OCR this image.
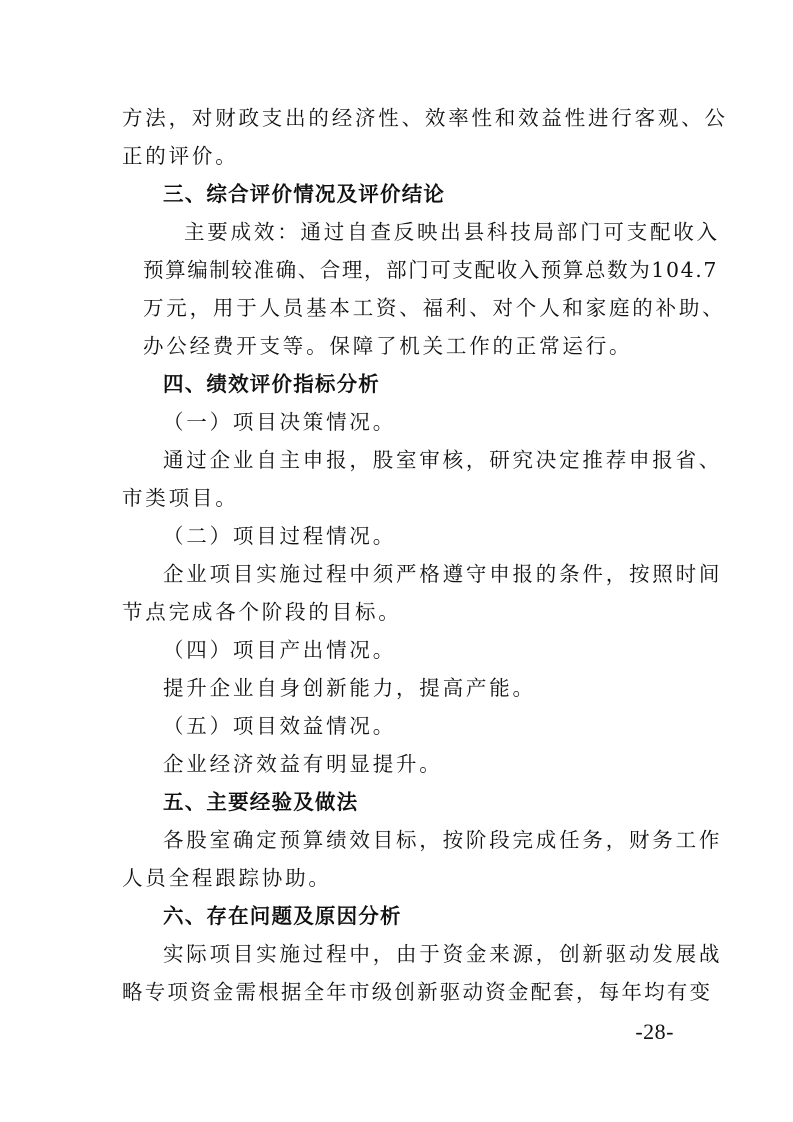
方法，对财政支出的经济性、效率性和效益性进行客观、公
正的评价。
三、综合评价情况及评价结论
主要成效：通过自查反映出县科技局部门可支配收入
预算编制较准确、合理，部门可支配收入预算总数为104.7
万元，用于人员基本工资、福利、对个人和家庭的补助、
办公经费开支等。保障了机关工作的正常运行。
四、绩效评价指标分析
（一）项目决策情况。
通过企业自主申报，股室审核，研究决定推荐申报省、
市类项目。
（二）项目过程情况。
企业项目实施过程中须严格遵守申报的条件，按照时间
节点完成各个阶段的目标。
（四）项目产出情况。
提升企业自身创新能力，提高产能。
（五）项目效益情况。
企业经济效益有明显提升。
五、主要经验及做法
各股室确定预算绩效目标，按阶段完成任务，财务工作
人员全程跟踪协助。
六、存在问题及原因分析
实际项目实施过程中，由于资金来源，创新驱动发展战
略专项资金需根据全年市级创新驱动资金配套，每年均有变
-28-
